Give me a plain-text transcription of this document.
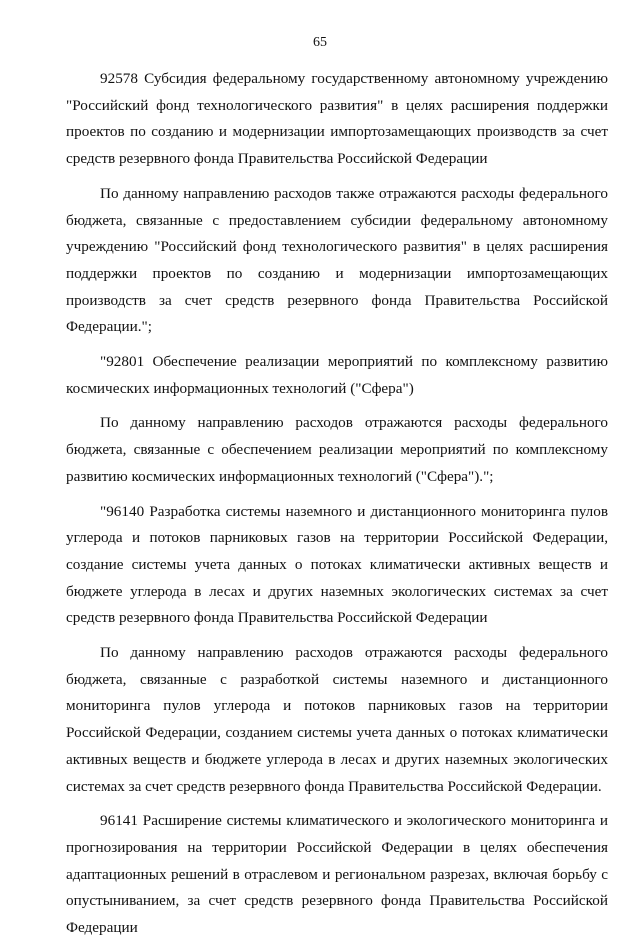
65

92578 Субсидия федеральному государственному автономному учреждению "Российский фонд технологического развития" в целях расширения поддержки проектов по созданию и модернизации импортозамещающих производств за счет средств резервного фонда Правительства Российской Федерации

По данному направлению расходов также отражаются расходы федерального бюджета, связанные с предоставлением субсидии федеральному автономному учреждению "Российский фонд технологического развития" в целях расширения поддержки проектов по созданию и модернизации импортозамещающих производств за счет средств резервного фонда Правительства Российской Федерации.";

"92801 Обеспечение реализации мероприятий по комплексному развитию космических информационных технологий ("Сфера")

По данному направлению расходов отражаются расходы федерального бюджета, связанные с обеспечением реализации мероприятий по комплексному развитию космических информационных технологий ("Сфера").";

"96140 Разработка системы наземного и дистанционного мониторинга пулов углерода и потоков парниковых газов на территории Российской Федерации, создание системы учета данных о потоках климатически активных веществ и бюджете углерода в лесах и других наземных экологических системах за счет средств резервного фонда Правительства Российской Федерации

По данному направлению расходов отражаются расходы федерального бюджета, связанные с разработкой системы наземного и дистанционного мониторинга пулов углерода и потоков парниковых газов на территории Российской Федерации, созданием системы учета данных о потоках климатически активных веществ и бюджете углерода в лесах и других наземных экологических системах за счет средств резервного фонда Правительства Российской Федерации.

96141 Расширение системы климатического и экологического мониторинга и прогнозирования на территории Российской Федерации в целях обеспечения адаптационных решений в отраслевом и региональном разрезах, включая борьбу с опустыниванием, за счет средств резервного фонда Правительства Российской Федерации
